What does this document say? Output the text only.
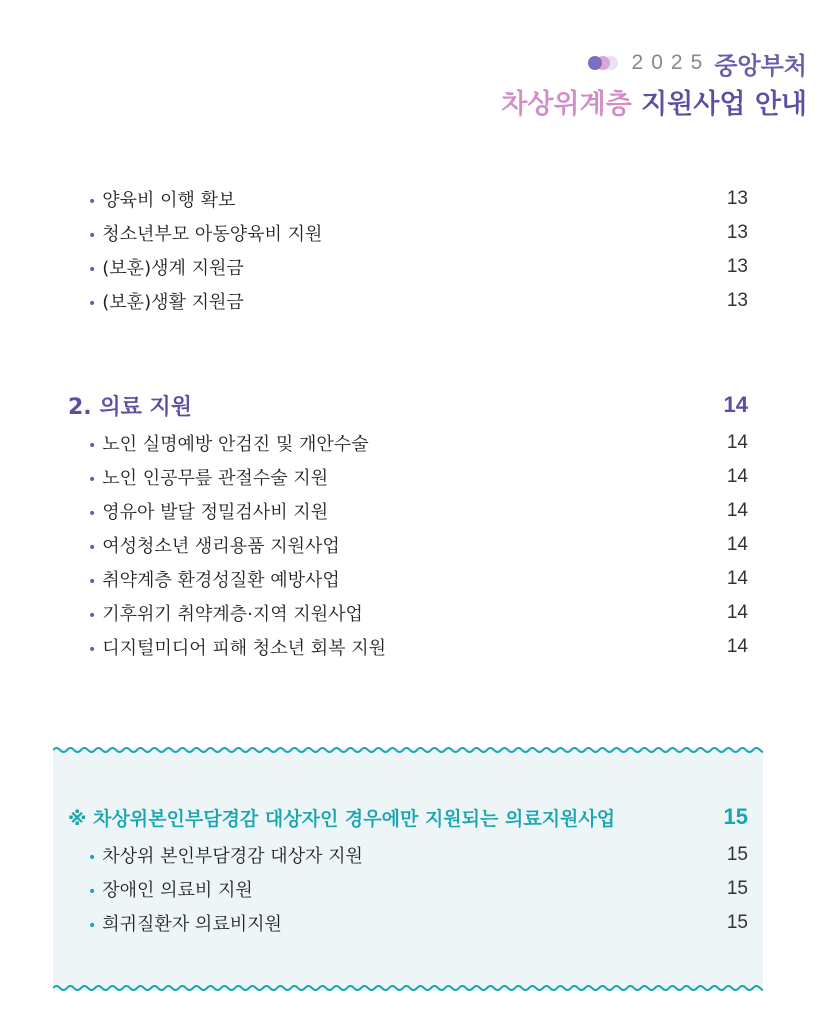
2025 중앙부처
차상위계층 지원사업 안내
• 양육비 이행 확보	13
• 청소년부모 아동양육비 지원	13
• (보훈)생계 지원금	13
• (보훈)생활 지원금	13
2. 의료 지원	14
• 노인 실명예방 안검진 및 개안수술	14
• 노인 인공무릎 관절수술 지원	14
• 영유아 발달 정밀검사비 지원	14
• 여성청소년 생리용품 지원사업	14
• 취약계층 환경성질환 예방사업	14
• 기후위기 취약계층·지역 지원사업	14
• 디지털미디어 피해 청소년 회복 지원	14
※ 차상위본인부담경감 대상자인 경우에만 지원되는 의료지원사업	15
• 차상위 본인부담경감 대상자 지원	15
• 장애인 의료비 지원	15
• 희귀질환자 의료비지원	15
